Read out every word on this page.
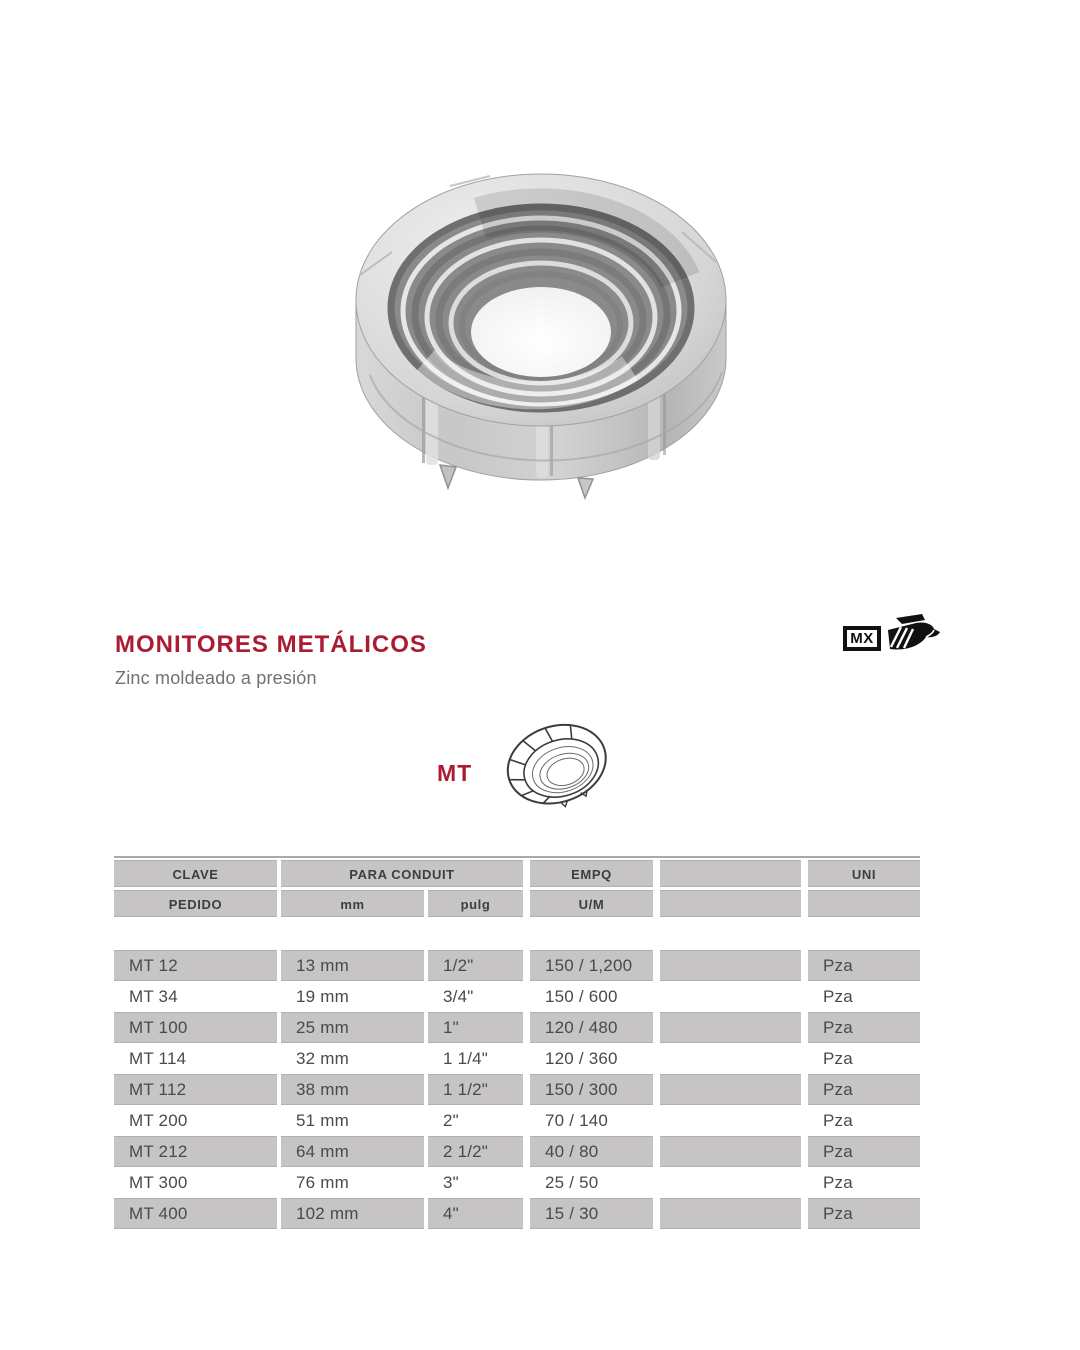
MONITORES METÁLICOS
Zinc moldeado a presión
MX
MT
CLAVE	PARA CONDUIT	EMPQ	UNI
PEDIDO	mm	pulg	U/M
MT 12	13 mm	1/2"	150 / 1,200	Pza
MT 34	19 mm	3/4"	150 / 600	Pza
MT 100	25 mm	1"	120 / 480	Pza
MT 114	32 mm	1 1/4"	120 / 360	Pza
MT 112	38 mm	1 1/2"	150 / 300	Pza
MT 200	51 mm	2"	70 / 140	Pza
MT 212	64 mm	2 1/2"	40 / 80	Pza
MT 300	76 mm	3"	25 / 50	Pza
MT 400	102 mm	4"	15 / 30	Pza
